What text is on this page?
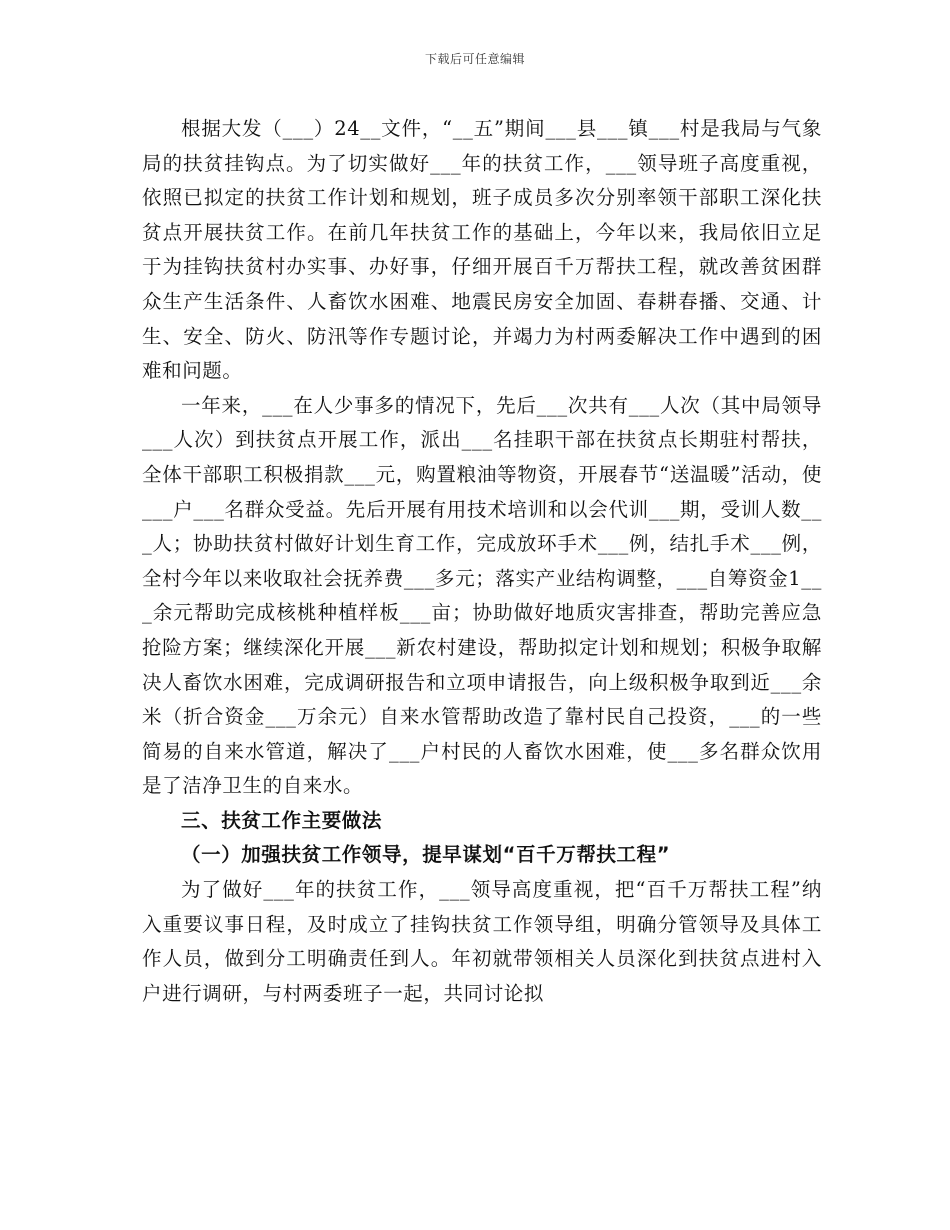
下载后可任意编辑

根据大发（___）24__文件，“__五”期间___县___镇___村是我局与气象局的扶贫挂钩点。为了切实做好___年的扶贫工作，___领导班子高度重视，依照已拟定的扶贫工作计划和规划，班子成员多次分别率领干部职工深化扶贫点开展扶贫工作。在前几年扶贫工作的基础上，今年以来，我局依旧立足于为挂钩扶贫村办实事、办好事，仔细开展百千万帮扶工程，就改善贫困群众生产生活条件、人畜饮水困难、地震民房安全加固、春耕春播、交通、计生、安全、防火、防汛等作专题讨论，并竭力为村两委解决工作中遇到的困难和问题。

一年来，___在人少事多的情况下，先后___次共有___人次（其中局领导___人次）到扶贫点开展工作，派出___名挂职干部在扶贫点长期驻村帮扶，全体干部职工积极捐款___元，购置粮油等物资，开展春节“送温暖”活动，使___户___名群众受益。先后开展有用技术培训和以会代训___期，受训人数___人；协助扶贫村做好计划生育工作，完成放环手术___例，结扎手术___例，全村今年以来收取社会抚养费___多元；落实产业结构调整，___自筹资金1___余元帮助完成核桃种植样板___亩；协助做好地质灾害排查，帮助完善应急抢险方案；继续深化开展___新农村建设，帮助拟定计划和规划；积极争取解决人畜饮水困难，完成调研报告和立项申请报告，向上级积极争取到近___余米（折合资金___万余元）自来水管帮助改造了靠村民自己投资，___的一些简易的自来水管道，解决了___户村民的人畜饮水困难，使___多名群众饮用是了洁净卫生的自来水。

三、扶贫工作主要做法

（一）加强扶贫工作领导，提早谋划“百千万帮扶工程”

为了做好___年的扶贫工作，___领导高度重视，把“百千万帮扶工程”纳入重要议事日程，及时成立了挂钩扶贫工作领导组，明确分管领导及具体工作人员，做到分工明确责任到人。年初就带领相关人员深化到扶贫点进村入户进行调研，与村两委班子一起，共同讨论拟
